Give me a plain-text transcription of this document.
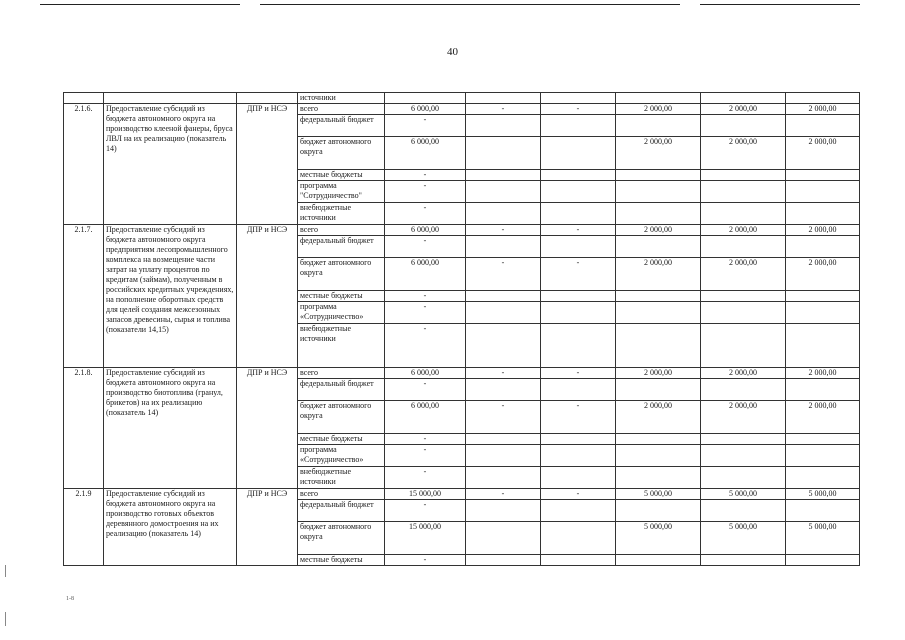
40
			источники						
2.1.6.	Предоставление субсидий из бюджета автономного округа на производство клееной фанеры, бруса ЛВЛ на их реализацию (показатель 14)	ДПР и НСЭ	всего	6 000,00	-	-	2 000,00	2 000,00	2 000,00
			федеральный бюджет	-					
			бюджет автономного округа	6 000,00			2 000,00	2 000,00	2 000,00
			местные бюджеты	-					
			программа "Сотрудничество"	-					
			внебюджетные источники	-					
2.1.7.	Предоставление субсидий из бюджета автономного округа предприятиям лесопромышленного комплекса на возмещение части затрат на уплату процентов по кредитам (займам), полученным в российских кредитных учреждениях, на пополнение оборотных средств для целей создания межсезонных запасов древесины, сырья и топлива (показатели 14,15)	ДПР и НСЭ	всего	6 000,00	-	-	2 000,00	2 000,00	2 000,00
			федеральный бюджет	-					
			бюджет автономного округа	6 000,00	-	-	2 000,00	2 000,00	2 000,00
			местные бюджеты	-					
			программа «Сотрудничество»	-					
			внебюджетные источники	-					
2.1.8.	Предоставление субсидий из бюджета автономного округа на производство биотоплива (гранул, брикетов) на их реализацию (показатель 14)	ДПР и НСЭ	всего	6 000,00	-	-	2 000,00	2 000,00	2 000,00
			федеральный бюджет	-					
			бюджет автономного округа	6 000,00	-	-	2 000,00	2 000,00	2 000,00
			местные бюджеты	-					
			программа «Сотрудничество»	-					
			внебюджетные источники	-					
2.1.9	Предоставление субсидий из бюджета автономного округа на производство готовых объектов деревянного домостроения на их реализацию (показатель 14)	ДПР и НСЭ	всего	15 000,00	-	-	5 000,00	5 000,00	5 000,00
			федеральный бюджет	-					
			бюджет автономного округа	15 000,00			5 000,00	5 000,00	5 000,00
			местные бюджеты	-					
1-8
